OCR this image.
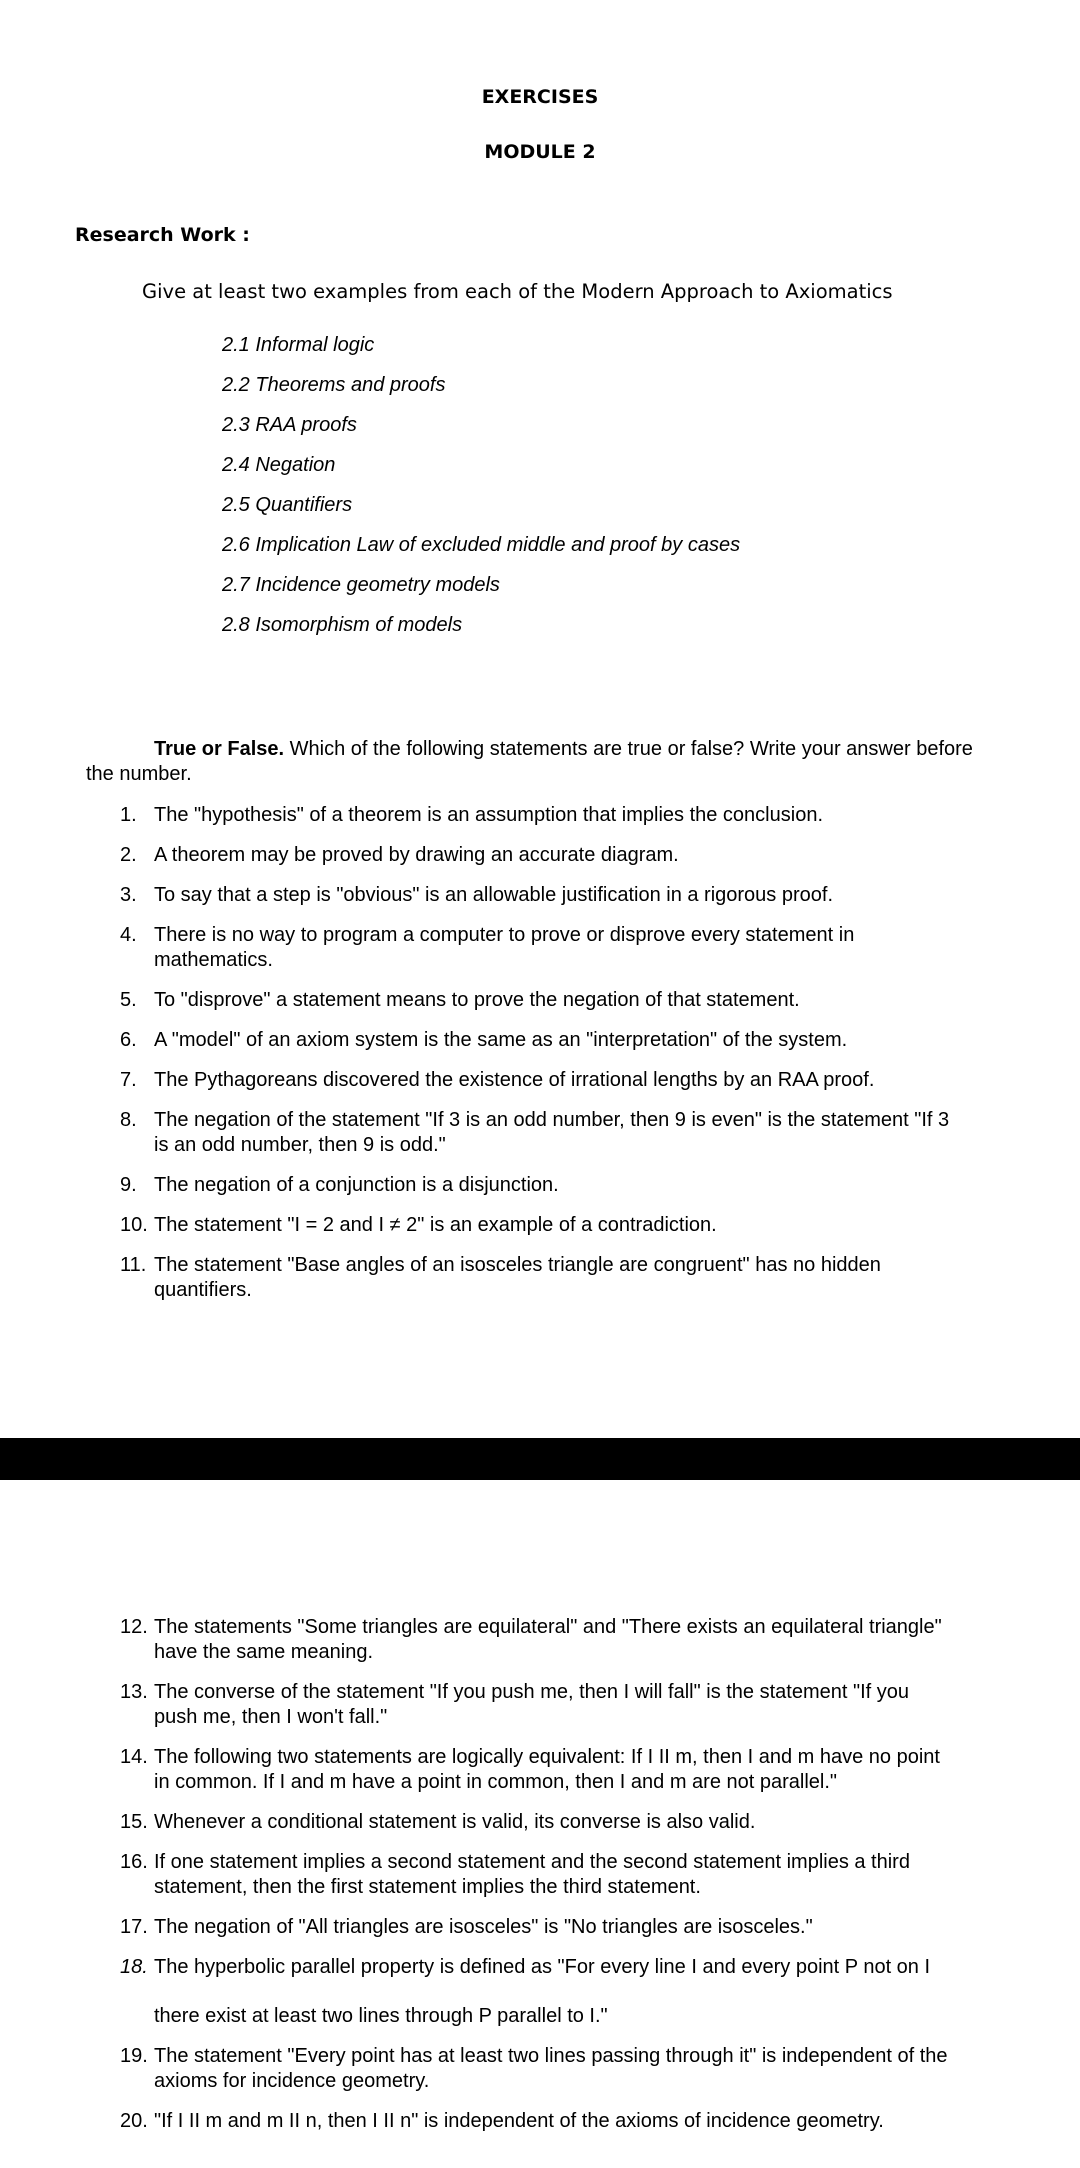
EXERCISES
MODULE 2
Research Work :
Give at least two examples from each of the Modern Approach to Axiomatics
2.1 Informal logic
2.2 Theorems and proofs
2.3 RAA proofs
2.4 Negation
2.5 Quantifiers
2.6 Implication Law of excluded middle and proof by cases
2.7 Incidence geometry models
2.8 Isomorphism of models
True or False. Which of the following statements are true or false? Write your answer before the number.
1. The "hypothesis" of a theorem is an assumption that implies the conclusion.
2. A theorem may be proved by drawing an accurate diagram.
3. To say that a step is "obvious" is an allowable justification in a rigorous proof.
4. There is no way to program a computer to prove or disprove every statement in mathematics.
5. To "disprove" a statement means to prove the negation of that statement.
6. A "model" of an axiom system is the same as an "interpretation" of the system.
7. The Pythagoreans discovered the existence of irrational lengths by an RAA proof.
8. The negation of the statement "If 3 is an odd number, then 9 is even" is the statement "If 3 is an odd number, then 9 is odd."
9. The negation of a conjunction is a disjunction.
10. The statement "I = 2 and I ≠ 2" is an example of a contradiction.
11. The statement "Base angles of an isosceles triangle are congruent" has no hidden quantifiers.
12. The statements "Some triangles are equilateral" and "There exists an equilateral triangle" have the same meaning.
13. The converse of the statement "If you push me, then I will fall" is the statement "If you push me, then I won't fall."
14. The following two statements are logically equivalent: If I II m, then I and m have no point in common. If I and m have a point in common, then I and m are not parallel."
15. Whenever a conditional statement is valid, its converse is also valid.
16. If one statement implies a second statement and the second statement implies a third statement, then the first statement implies the third statement.
17. The negation of "All triangles are isosceles" is "No triangles are isosceles."
18. The hyperbolic parallel property is defined as "For every line I and every point P not on I
there exist at least two lines through P parallel to I."
19. The statement "Every point has at least two lines passing through it" is independent of the axioms for incidence geometry.
20. "If I II m and m II n, then I II n" is independent of the axioms of incidence geometry.
